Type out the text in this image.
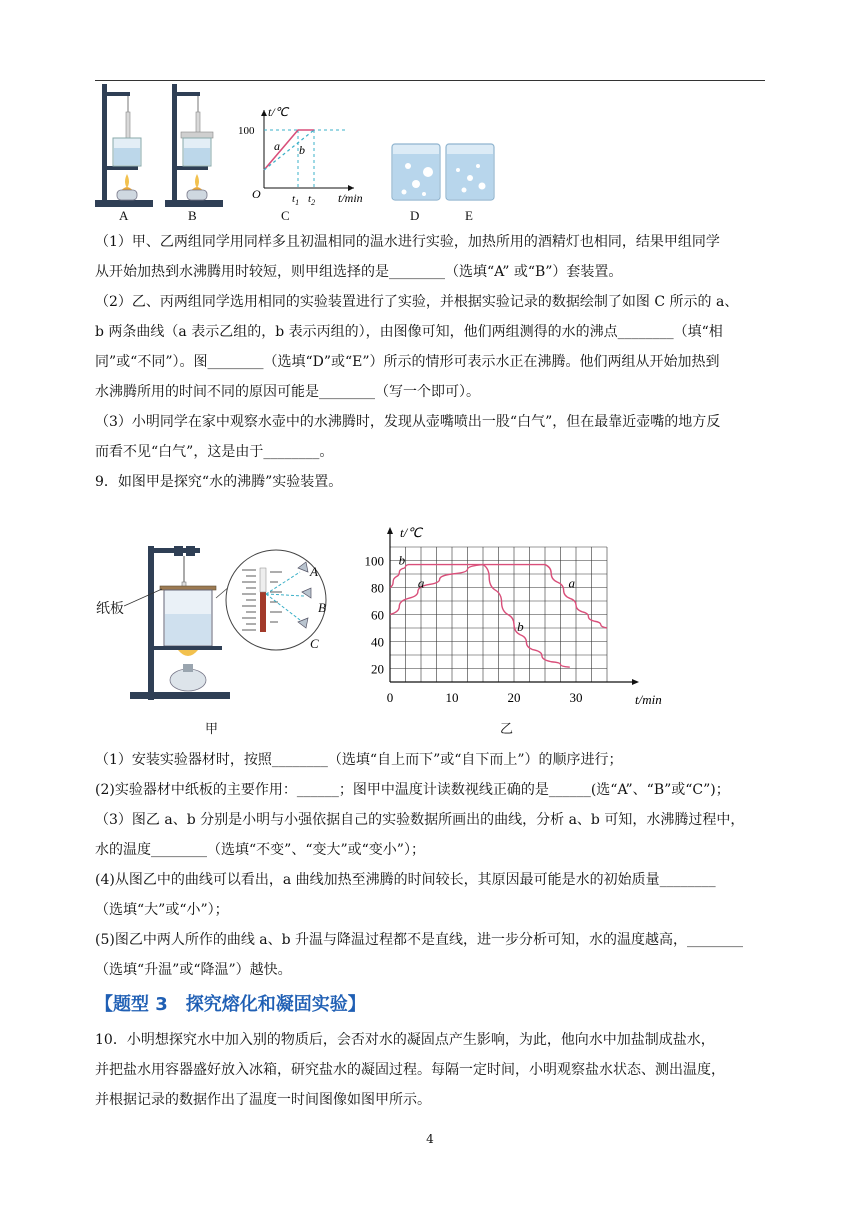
A	B	C	D	E
t/℃
100
O	t/min
$t_1$ $t_2$
a b
（1）甲、乙两组同学用同样多且初温相同的温水进行实验，加热所用的酒精灯也相同，结果甲组同学
从开始加热到水沸腾用时较短，则甲组选择的是________（选填“A” 或“B”）套装置。
（2）乙、丙两组同学选用相同的实验装置进行了实验，并根据实验记录的数据绘制了如图 C 所示的 a、
b 两条曲线（a 表示乙组的，b 表示丙组的），由图像可知，他们两组测得的水的沸点________（填“相
同”或“不同”）。图________（选填“D”或“E”）所示的情形可表示水正在沸腾。他们两组从开始加热到
水沸腾所用的时间不同的原因可能是________（写一个即可）。
（3）小明同学在家中观察水壶中的水沸腾时，发现从壶嘴喷出一股“白气”，但在最靠近壶嘴的地方反
而看不见“白气”，这是由于________。
9．如图甲是探究“水的沸腾”实验装置。
纸板
A
B
C
甲	乙
a
b
a
b
20
40
60
80
100
0	10	20	30
t/℃
t/min
（1）安装实验器材时，按照________（选填“自上而下”或“自下而上”）的顺序进行；
(2)实验器材中纸板的主要作用：______；图甲中温度计读数视线正确的是______(选“A”、“B”或“C”)；
（3）图乙 a、b 分别是小明与小强依据自己的实验数据所画出的曲线，分析 a、b 可知，水沸腾过程中，
水的温度________（选填“不变”、“变大”或“变小”）；
(4)从图乙中的曲线可以看出，a 曲线加热至沸腾的时间较长，其原因最可能是水的初始质量________
（选填“大”或“小”）；
(5)图乙中两人所作的曲线 a、b 升温与降温过程都不是直线，进一步分析可知，水的温度越高，________
（选填“升温”或“降温”）越快。
【题型 3　探究熔化和凝固实验】
10．小明想探究水中加入别的物质后，会否对水的凝固点产生影响，为此，他向水中加盐制成盐水，
并把盐水用容器盛好放入冰箱，研究盐水的凝固过程。每隔一定时间，小明观察盐水状态、测出温度，
并根据记录的数据作出了温度一时间图像如图甲所示。
4
